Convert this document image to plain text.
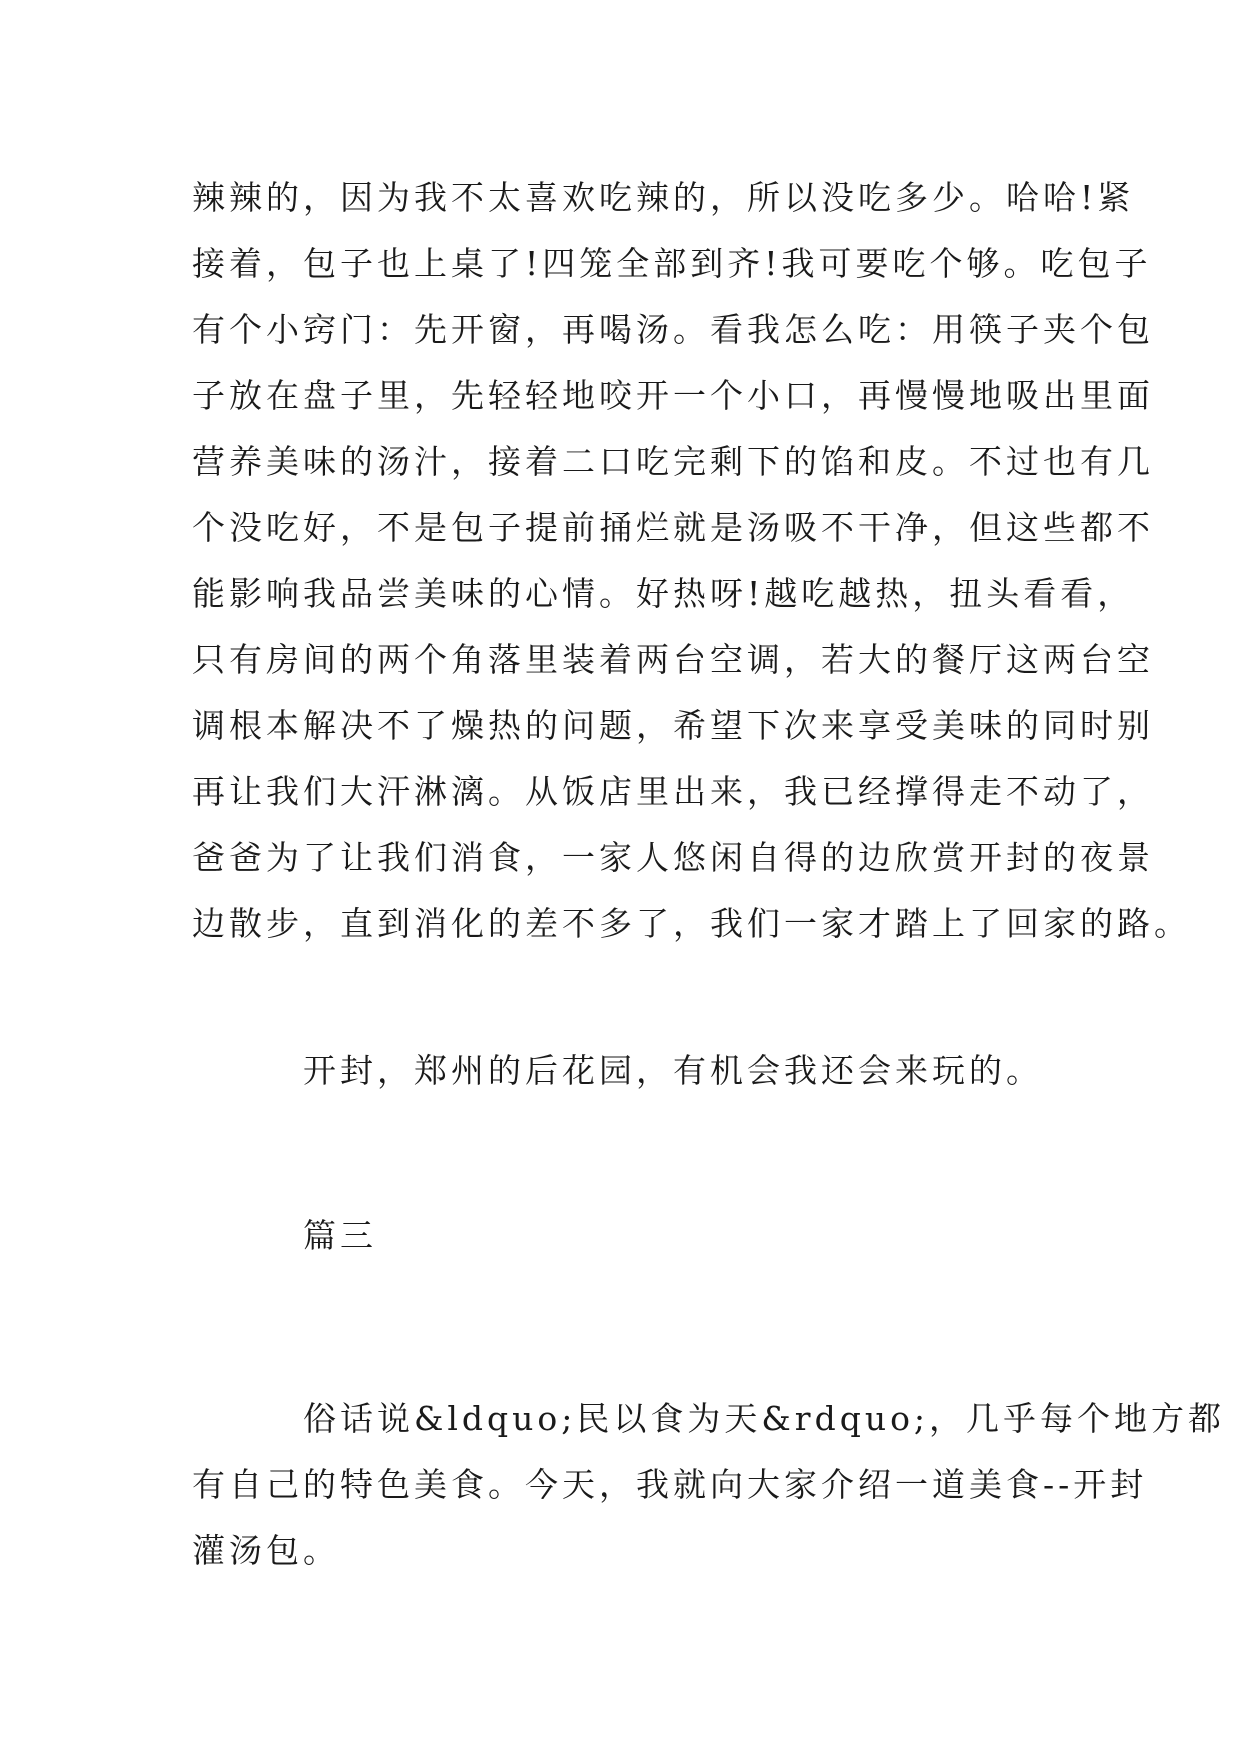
辣辣的，因为我不太喜欢吃辣的，所以没吃多少。哈哈!紧
接着，包子也上桌了!四笼全部到齐!我可要吃个够。吃包子
有个小窍门：先开窗，再喝汤。看我怎么吃：用筷子夹个包
子放在盘子里，先轻轻地咬开一个小口，再慢慢地吸出里面
营养美味的汤汁，接着二口吃完剩下的馅和皮。不过也有几
个没吃好，不是包子提前捅烂就是汤吸不干净，但这些都不
能影响我品尝美味的心情。好热呀!越吃越热，扭头看看，
只有房间的两个角落里装着两台空调，若大的餐厅这两台空
调根本解决不了燥热的问题，希望下次来享受美味的同时别
再让我们大汗淋漓。从饭店里出来，我已经撑得走不动了，
爸爸为了让我们消食，一家人悠闲自得的边欣赏开封的夜景
边散步，直到消化的差不多了，我们一家才踏上了回家的路。
开封，郑州的后花园，有机会我还会来玩的。
篇三
俗话说&ldquo;民以食为天&rdquo;，几乎每个地方都
有自己的特色美食。今天，我就向大家介绍一道美食--开封
灌汤包。
